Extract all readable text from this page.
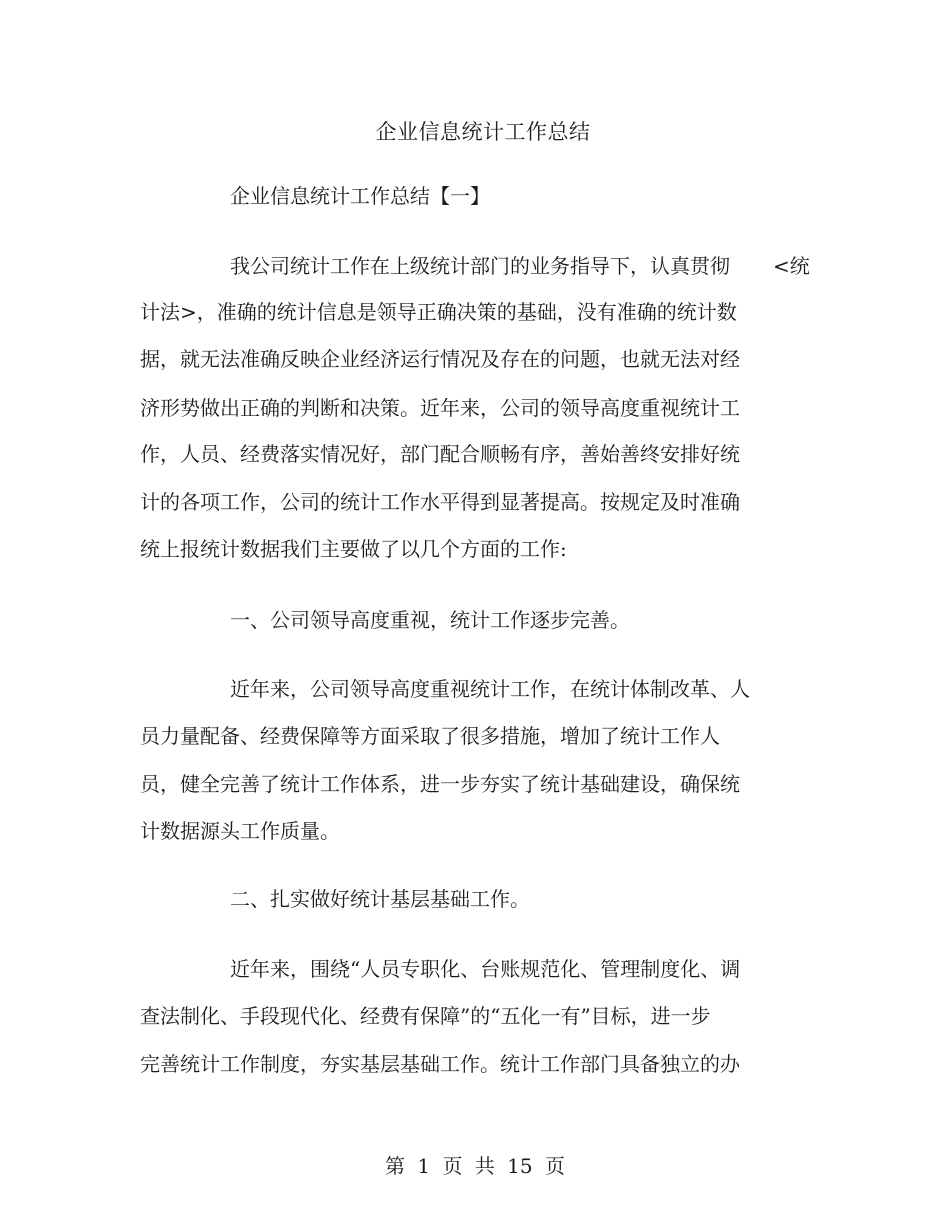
企业信息统计工作总结
企业信息统计工作总结【一】
我公司统计工作在上级统计部门的业务指导下，认真贯彻 <统
计法>，准确的统计信息是领导正确决策的基础，没有准确的统计数
据，就无法准确反映企业经济运行情况及存在的问题，也就无法对经
济形势做出正确的判断和决策。近年来，公司的领导高度重视统计工
作，人员、经费落实情况好，部门配合顺畅有序，善始善终安排好统
计的各项工作，公司的统计工作水平得到显著提高。按规定及时准确
统上报统计数据我们主要做了以几个方面的工作:
一、公司领导高度重视，统计工作逐步完善。
近年来，公司领导高度重视统计工作，在统计体制改革、人
员力量配备、经费保障等方面采取了很多措施，增加了统计工作人
员，健全完善了统计工作体系，进一步夯实了统计基础建设，确保统
计数据源头工作质量。
二、扎实做好统计基层基础工作。
近年来，围绕“人员专职化、台账规范化、管理制度化、调
查法制化、手段现代化、经费有保障”的“五化一有”目标，进一步
完善统计工作制度，夯实基层基础工作。统计工作部门具备独立的办
第 1 页 共 15 页
